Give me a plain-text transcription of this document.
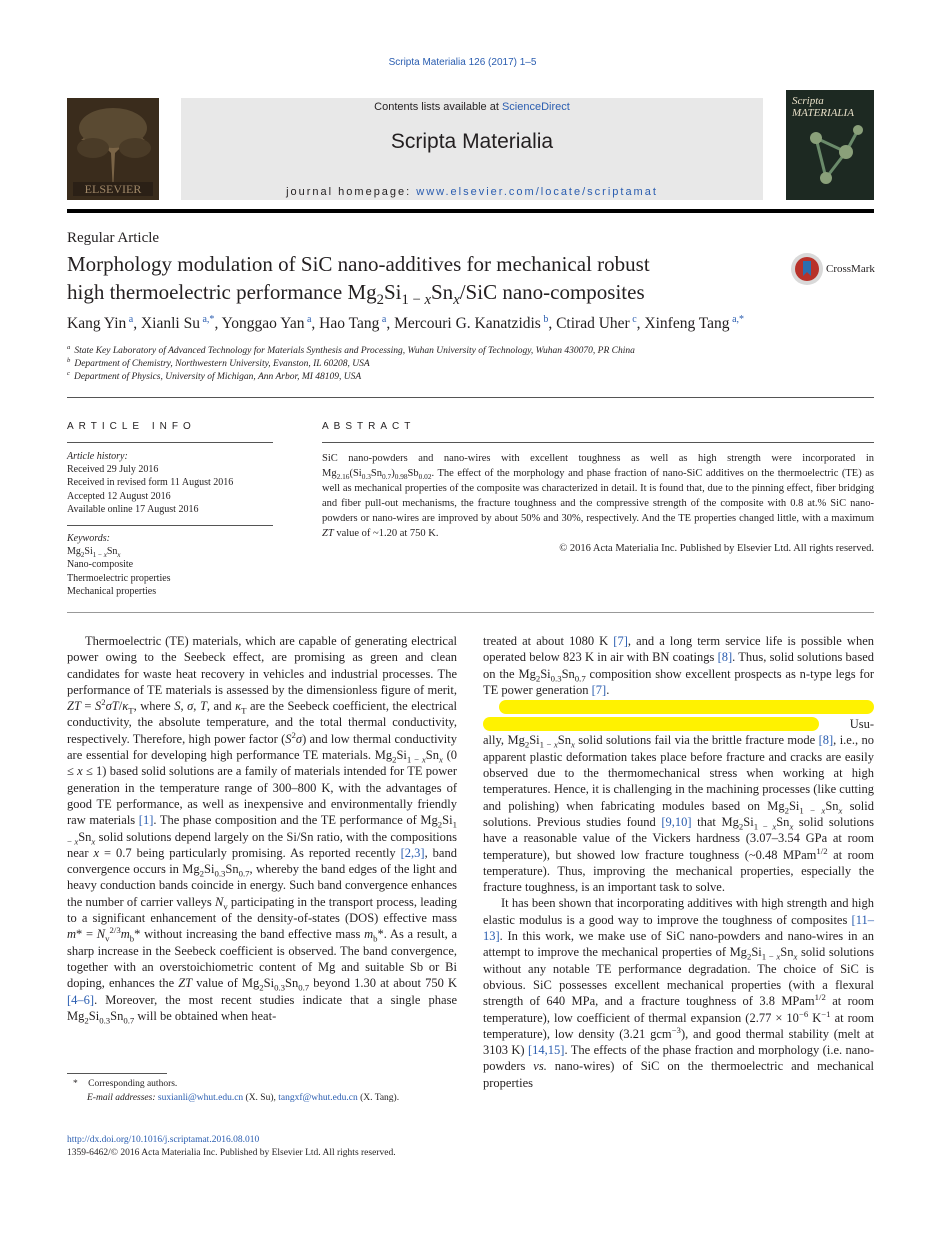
Scripta Materialia 126 (2017) 1–5
ELSEVIER
Contents lists available at ScienceDirect
Scripta Materialia
journal homepage: www.elsevier.com/locate/scriptamat
Scripta MATERIALIA
Regular Article
Morphology modulation of SiC nano-additives for mechanical robust
high thermoelectric performance $Mg_2Si_{1 - x}Sn_x$/SiC nano-composites
CrossMark
Kang Yin $^a$, Xianli Su $^{a,*}$, Yonggao Yan $^a$, Hao Tang $^a$, Mercouri G. Kanatzidis $^b$, Ctirad Uher $^c$, Xinfeng Tang $^{a,*}$
$^a$ State Key Laboratory of Advanced Technology for Materials Synthesis and Processing, Wuhan University of Technology, Wuhan 430070, PR China
$^b$ Department of Chemistry, Northwestern University, Evanston, IL 60208, USA
$^c$ Department of Physics, University of Michigan, Ann Arbor, MI 48109, USA
ARTICLE INFO	ABSTRACT
Article history:
Received 29 July 2016
Received in revised form 11 August 2016
Accepted 12 August 2016
Available online 17 August 2016
Keywords:
$Mg_2Si_{1 - x}Sn_x$
Nano-composite
Thermoelectric properties
Mechanical properties
SiC nano-powders and nano-wires with excellent toughness as well as high strength were incorporated in $Mg_{2.16}(Si_{0.3}Sn_{0.7})_{0.98}Sb_{0.02}$. The effect of the morphology and phase fraction of nano-SiC additives on the thermoelectric (TE) as well as mechanical properties of the composite was characterized in detail. It is found that, due to the pinning effect, fiber bridging and fiber pull-out mechanisms, the fracture toughness and the compressive strength of the composite with 0.8 at.% SiC nano-powders or nano-wires are improved by about 50% and 30%, respectively. And the TE properties changed little, with a maximum ZT value of ~1.20 at 750 K.
© 2016 Acta Materialia Inc. Published by Elsevier Ltd. All rights reserved.

Thermoelectric (TE) materials, which are capable of generating electrical power owing to the Seebeck effect, are promising as green and clean candidates for waste heat recovery in vehicles and industrial processes. The performance of TE materials is assessed by the dimensionless figure of merit, ZT = $S^2\sigma T/\kappa_T$, where S, σ, T, and $\kappa_T$ are the Seebeck coefficient, the electrical conductivity, the absolute temperature, and the total thermal conductivity, respectively. Therefore, high power factor $(S^2\sigma)$ and low thermal conductivity are essential for developing high performance TE materials. $Mg_2Si_{1 - x}Sn_x$ (0 ≤ x ≤ 1) based solid solutions are a family of materials intended for TE power generation in the temperature range of 300–800 K, with the advantages of good TE performance, as well as inexpensive and environmentally friendly raw materials [1]. The phase composition and the TE performance of $Mg_2Si_{1 - x}Sn_x$ solid solutions depend largely on the Si/Sn ratio, with the compositions near x = 0.7 being particularly promising. As reported recently [2,3], band convergence occurs in $Mg_2Si_{0.3}Sn_{0.7}$, whereby the band edges of the light and heavy conduction bands coincide in energy. Such band convergence enhances the number of carrier valleys $N_v$ participating in the transport process, leading to a significant enhancement of the density-of-states (DOS) effective mass $m* = N_v^{2/3}m_b*$ without increasing the band effective mass $m_b*$. As a result, a sharp increase in the Seebeck coefficient is observed. The band convergence, together with an overstoichiometric content of Mg and suitable Sb or Bi doping, enhances the ZT value of $Mg_2Si_{0.3}Sn_{0.7}$ beyond 1.30 at about 750 K [4–6]. Moreover, the most recent studies indicate that a single phase $Mg_2Si_{0.3}Sn_{0.7}$ will be obtained when heat-

treated at about 1080 K [7], and a long term service life is possible when operated below 823 K in air with BN coatings [8]. Thus, solid solutions based on the $Mg_2Si_{0.3}Sn_{0.7}$ composition show excellent prospects as n-type legs for TE power generation [7].

Usu-

ally, $Mg_2Si_{1 - x}Sn_x$ solid solutions fail via the brittle fracture mode [8], i.e., no apparent plastic deformation takes place before fracture and cracks are easily observed due to the thermomechanical stress when working at high temperatures. Hence, it is challenging in the machining processes (like cutting and polishing) when fabricating modules based on $Mg_2Si_{1 - x}Sn_x$ solid solutions. Previous studies found [9,10] that $Mg_2Si_{1 - x}Sn_x$ solid solutions have a reasonable value of the Vickers hardness (3.07–3.54 GPa at room temperature), but showed low fracture toughness (~0.48 MPam$^{1/2}$ at room temperature). Thus, improving the mechanical properties, especially the fracture toughness, is an important task to solve.

It has been shown that incorporating additives with high strength and high elastic modulus is a good way to improve the toughness of composites [11–13]. In this work, we make use of SiC nano-powders and nano-wires in an attempt to improve the mechanical properties of $Mg_2Si_{1 - x}Sn_x$ solid solutions without any notable TE performance degradation. The choice of SiC is obvious. SiC possesses excellent mechanical properties (with a flexural strength of 640 MPa, and a fracture toughness of 3.8 MPam$^{1/2}$ at room temperature), low coefficient of thermal expansion ($2.77 \times 10^{-6}$ $K^{-1}$ at room temperature), low density (3.21 gcm$^{-3}$), and good thermal stability (melt at 3103 K) [14,15]. The effects of the phase fraction and morphology (i.e. nano-powders vs. nano-wires) of SiC on the thermoelectric and mechanical properties

* Corresponding authors.
E-mail addresses: suxianli@whut.edu.cn (X. Su), tangxf@whut.edu.cn (X. Tang).
http://dx.doi.org/10.1016/j.scriptamat.2016.08.010
1359-6462/© 2016 Acta Materialia Inc. Published by Elsevier Ltd. All rights reserved.
